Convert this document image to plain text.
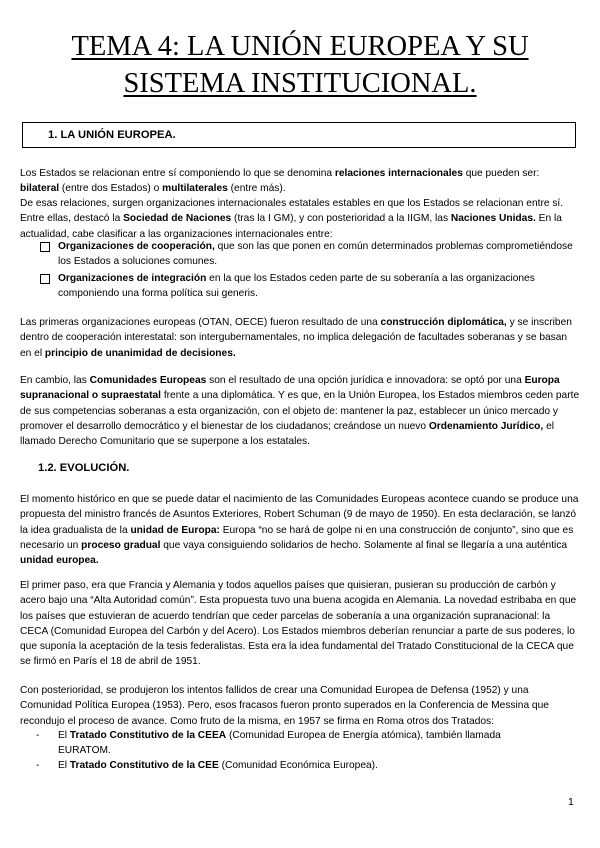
TEMA 4: LA UNIÓN EUROPEA Y SU
SISTEMA INSTITUCIONAL.
1. LA UNIÓN EUROPEA.
Los Estados se relacionan entre sí componiendo lo que se denomina relaciones internacionales que pueden ser: bilateral (entre dos Estados) o multilaterales (entre más).
De esas relaciones, surgen organizaciones internacionales estatales estables en que los Estados se relacionan entre sí. Entre ellas, destacó la Sociedad de Naciones (tras la I GM), y con posterioridad a la IIGM, las Naciones Unidas. En la actualidad, cabe clasificar a las organizaciones internacionales entre:
Organizaciones de cooperación, que son las que ponen en común determinados problemas comprometiéndose los Estados a soluciones comunes.
Organizaciones de integración en la que los Estados ceden parte de su soberanía a las organizaciones componiendo una forma política sui generis.
Las primeras organizaciones europeas (OTAN, OECE) fueron resultado de una construcción diplomática, y se inscriben dentro de cooperación interestatal: son intergubernamentales, no implica delegación de facultades soberanas y se basan en el principio de unanimidad de decisiones.
En cambio, las Comunidades Europeas son el resultado de una opción jurídica e innovadora: se optó por una Europa supranacional o supraestatal frente a una diplomática. Y es que, en la Unión Europea, los Estados miembros ceden parte de sus competencias soberanas a esta organización, con el objeto de: mantener la paz, establecer un único mercado y promover el desarrollo democrático y el bienestar de los ciudadanos; creándose un nuevo Ordenamiento Jurídico, el llamado Derecho Comunitario que se superpone a los estatales.
1.2. EVOLUCIÓN.
El momento histórico en que se puede datar el nacimiento de las Comunidades Europeas acontece cuando se produce una propuesta del ministro francés de Asuntos Exteriores, Robert Schuman (9 de mayo de 1950). En esta declaración, se lanzó la idea gradualista de la unidad de Europa: Europa “no se hará de golpe ni en una construcción de conjunto”, sino que es necesario un proceso gradual que vaya consiguiendo solidarios de hecho. Solamente al final se llegaría a una auténtica unidad europea.
El primer paso, era que Francia y Alemania y todos aquellos países que quisieran, pusieran su producción de carbón y acero bajo una “Alta Autoridad común”. Esta propuesta tuvo una buena acogida en Alemania. La novedad estribaba en que los países que estuvieran de acuerdo tendrían que ceder parcelas de soberanía a una organización supranacional: la CECA (Comunidad Europea del Carbón y del Acero). Los Estados miembros deberían renunciar a parte de sus poderes, lo que suponía la aceptación de la tesis federalistas. Esta era la idea fundamental del Tratado Constitucional de la CECA que se firmó en París el 18 de abril de 1951.
Con posterioridad, se produjeron los intentos fallidos de crear una Comunidad Europea de Defensa (1952) y una Comunidad Política Europea (1953). Pero, esos fracasos fueron pronto superados en la Conferencia de Messina que recondujo el proceso de avance. Como fruto de la misma, en 1957 se firma en Roma otros dos Tratados:
- El Tratado Constitutivo de la CEEA (Comunidad Europea de Energía atómica), también llamada EURATOM.
- El Tratado Constitutivo de la CEE (Comunidad Económica Europea).
1
